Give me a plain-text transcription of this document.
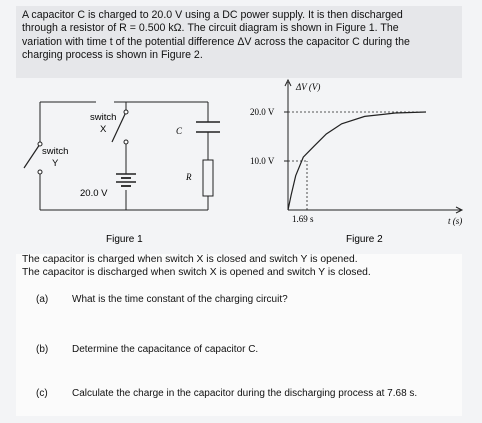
A capacitor C is charged to 20.0 V using a DC power supply. It is then discharged
through a resistor of R = 0.500 kΩ. The circuit diagram is shown in Figure 1. The
variation with time t of the potential difference ΔV across the capacitor C during the
charging process is shown in Figure 2.
switch
X
switch
Y
C
R
20.0 V
Figure 1
ΔV (V)
t (s)
20.0 V
10.0 V
1.69 s
Figure 2
The capacitor is charged when switch X is closed and switch Y is opened.
The capacitor is discharged when switch X is opened and switch Y is closed.
(a) What is the time constant of the charging circuit?
(b) Determine the capacitance of capacitor C.
(c) Calculate the charge in the capacitor during the discharging process at 7.68 s.
